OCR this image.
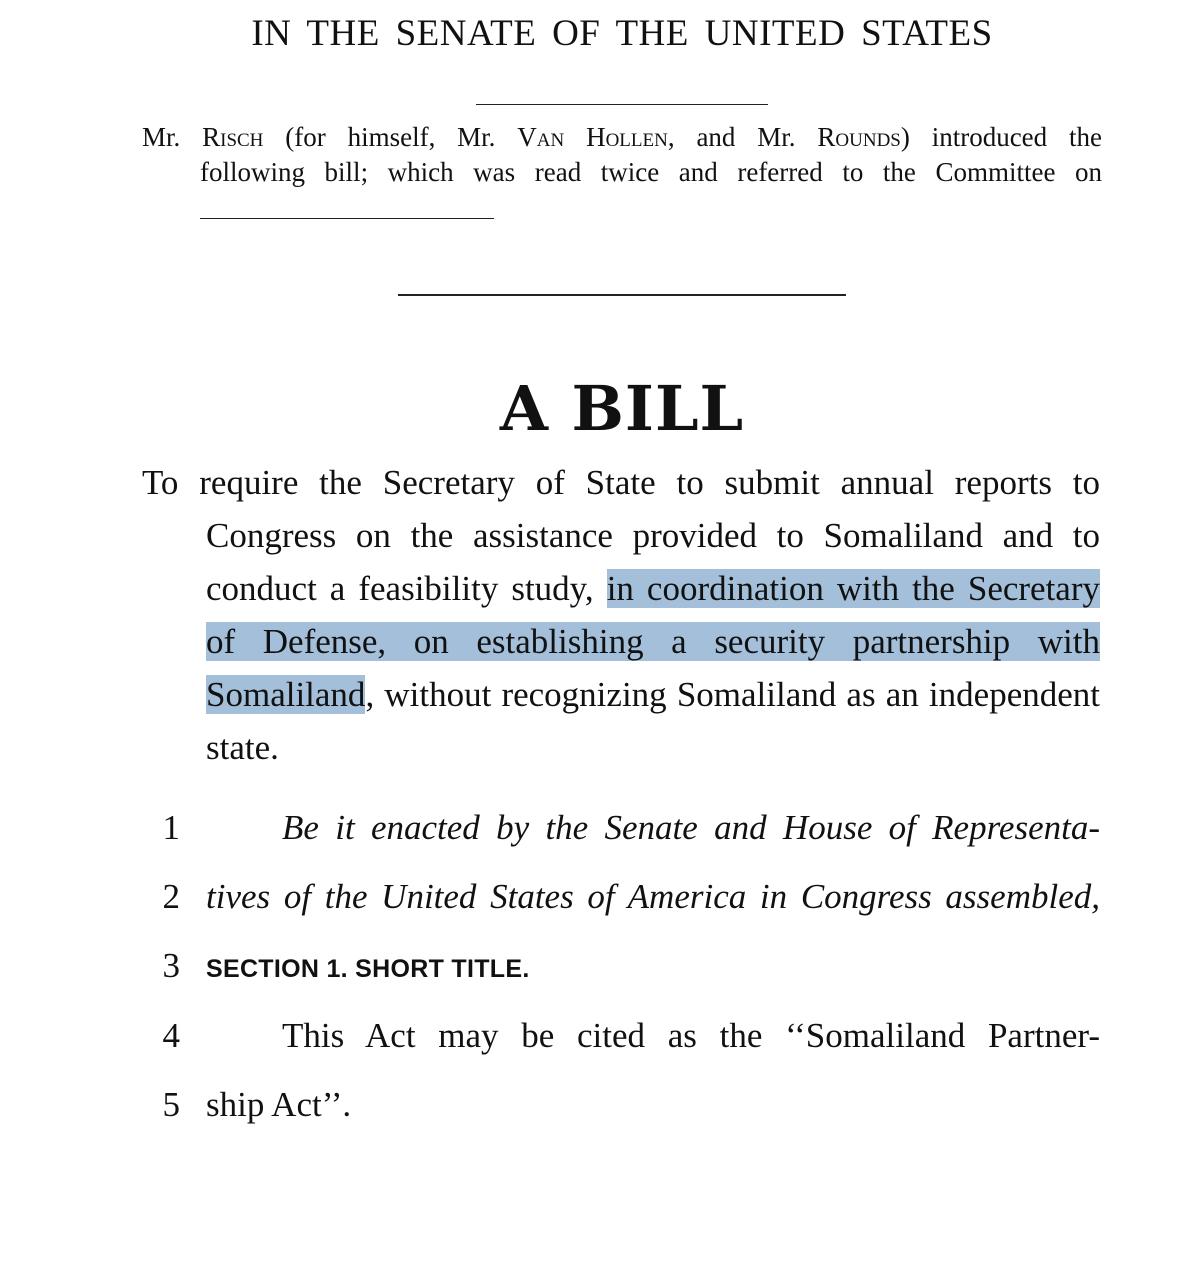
IN THE SENATE OF THE UNITED STATES
Mr. Risch (for himself, Mr. Van Hollen, and Mr. Rounds) introduced the
following bill; which was read twice and referred to the Committee on
A BILL
To require the Secretary of State to submit annual reports to Congress on the assistance provided to Somaliland and to conduct a feasibility study, in coordination with the Secretary of Defense, on establishing a security partnership with Somaliland, without recognizing Somaliland as an independent state.
1	Be it enacted by the Senate and House of Representa-
2 tives of the United States of America in Congress assembled,
3 SECTION 1. SHORT TITLE.
4	This Act may be cited as the ‘‘Somaliland Partner-
5 ship Act’’.
